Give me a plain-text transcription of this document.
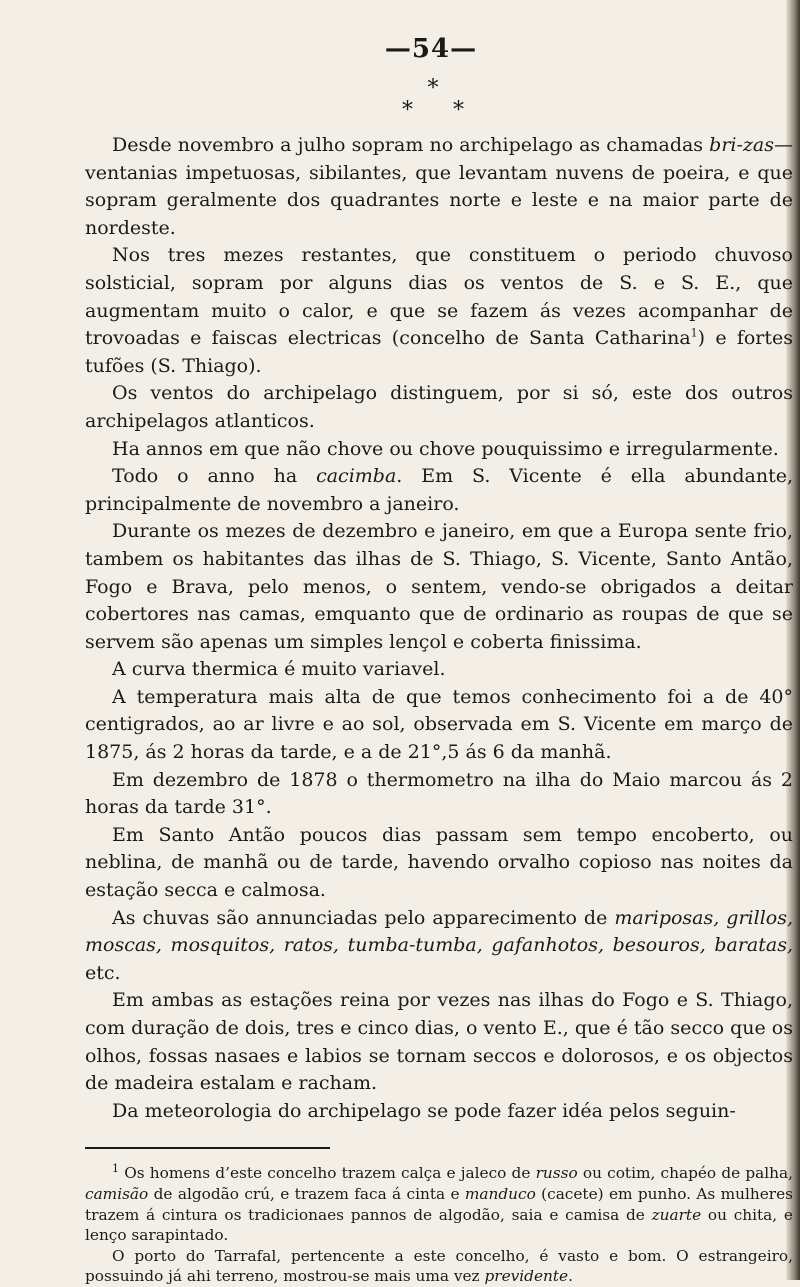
—54—
*
* *

Desde novembro a julho sopram no archipelago as chamadas bri-zas—ventanias impetuosas, sibilantes, que levantam nuvens de poeira, e que sopram geralmente dos quadrantes norte e leste e na maior parte de nordeste.

Nos tres mezes restantes, que constituem o periodo chuvoso solsticial, sopram por alguns dias os ventos de S. e S. E., que augmentam muito o calor, e que se fazem ás vezes acompanhar de trovoadas e faiscas electricas (concelho de Santa Catharina$^1$) e fortes tufões (S. Thiago).

Os ventos do archipelago distinguem, por si só, este dos outros archipelagos atlanticos.

Ha annos em que não chove ou chove pouquissimo e irregularmente.

Todo o anno ha cacimba. Em S. Vicente é ella abundante, principalmente de novembro a janeiro.

Durante os mezes de dezembro e janeiro, em que a Europa sente frio, tambem os habitantes das ilhas de S. Thiago, S. Vicente, Santo Antão, Fogo e Brava, pelo menos, o sentem, vendo-se obrigados a deitar cobertores nas camas, emquanto que de ordinario as roupas de que se servem são apenas um simples lençol e coberta finissima.

A curva thermica é muito variavel.

A temperatura mais alta de que temos conhecimento foi a de 40° centigrados, ao ar livre e ao sol, observada em S. Vicente em março de 1875, ás 2 horas da tarde, e a de 21°,5 ás 6 da manhã.

Em dezembro de 1878 o thermometro na ilha do Maio marcou ás 2 horas da tarde 31°.

Em Santo Antão poucos dias passam sem tempo encoberto, ou neblina, de manhã ou de tarde, havendo orvalho copioso nas noites da estação secca e calmosa.

As chuvas são annunciadas pelo apparecimento de mariposas, grillos, moscas, mosquitos, ratos, tumba-tumba, gafanhotos, besouros, baratas, etc.

Em ambas as estações reina por vezes nas ilhas do Fogo e S. Thiago, com duração de dois, tres e cinco dias, o vento E., que é tão secco que os olhos, fossas nasaes e labios se tornam seccos e dolorosos, e os objectos de madeira estalam e racham.

Da meteorologia do archipelago se pode fazer idéa pelos seguin-

$^1$ Os homens d’este concelho trazem calça e jaleco de russo ou cotim, chapéo de palha, camisão de algodão crú, e trazem faca á cinta e manduco (cacete) em punho. As mulheres trazem á cintura os tradicionaes pannos de algodão, saia e camisa de zuarte ou chita, e lenço sarapintado.

O porto do Tarrafal, pertencente a este concelho, é vasto e bom. O estrangeiro, possuindo já ahi terreno, mostrou-se mais uma vez previdente.
